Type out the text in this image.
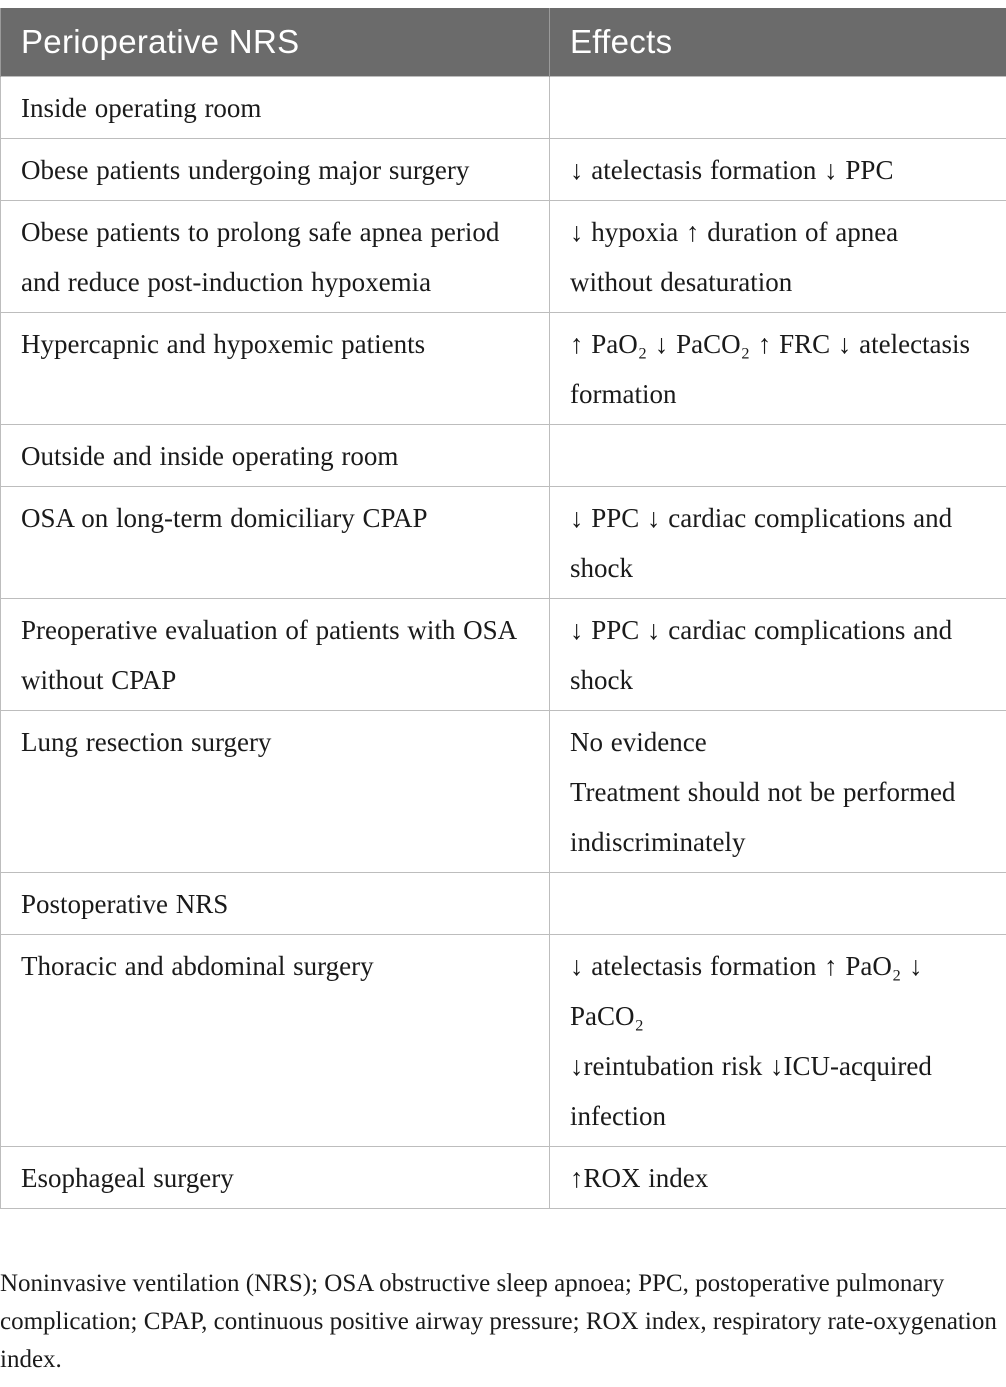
Perioperative NRS	Effects
Inside operating room	
Obese patients undergoing major surgery	↓ atelectasis formation ↓ PPC

Obese patients to prolong safe apnea period and reduce post-induction hypoxemia	↓ hypoxia ↑ duration of apnea without desaturation

Hypercapnic and hypoxemic patients	↑ PaO₂ ↓ PaCO₂ ↑ FRC ↓ atelectasis formation

Outside and inside operating room	
OSA on long-term domiciliary CPAP	↓ PPC ↓ cardiac complications and shock

Preoperative evaluation of patients with OSA without CPAP	↓ PPC ↓ cardiac complications and shock

Lung resection surgery	No evidence
Treatment should not be performed indiscriminately

Postoperative NRS	
Thoracic and abdominal surgery	↓ atelectasis formation ↑ PaO₂ ↓ PaCO₂
↓reintubation risk ↓ICU-acquired infection

Esophageal surgery	↑ROX index
Noninvasive ventilation (NRS); OSA obstructive sleep apnoea; PPC, postoperative pulmonary complication; CPAP, continuous positive airway pressure; ROX index, respiratory rate-oxygenation index.
